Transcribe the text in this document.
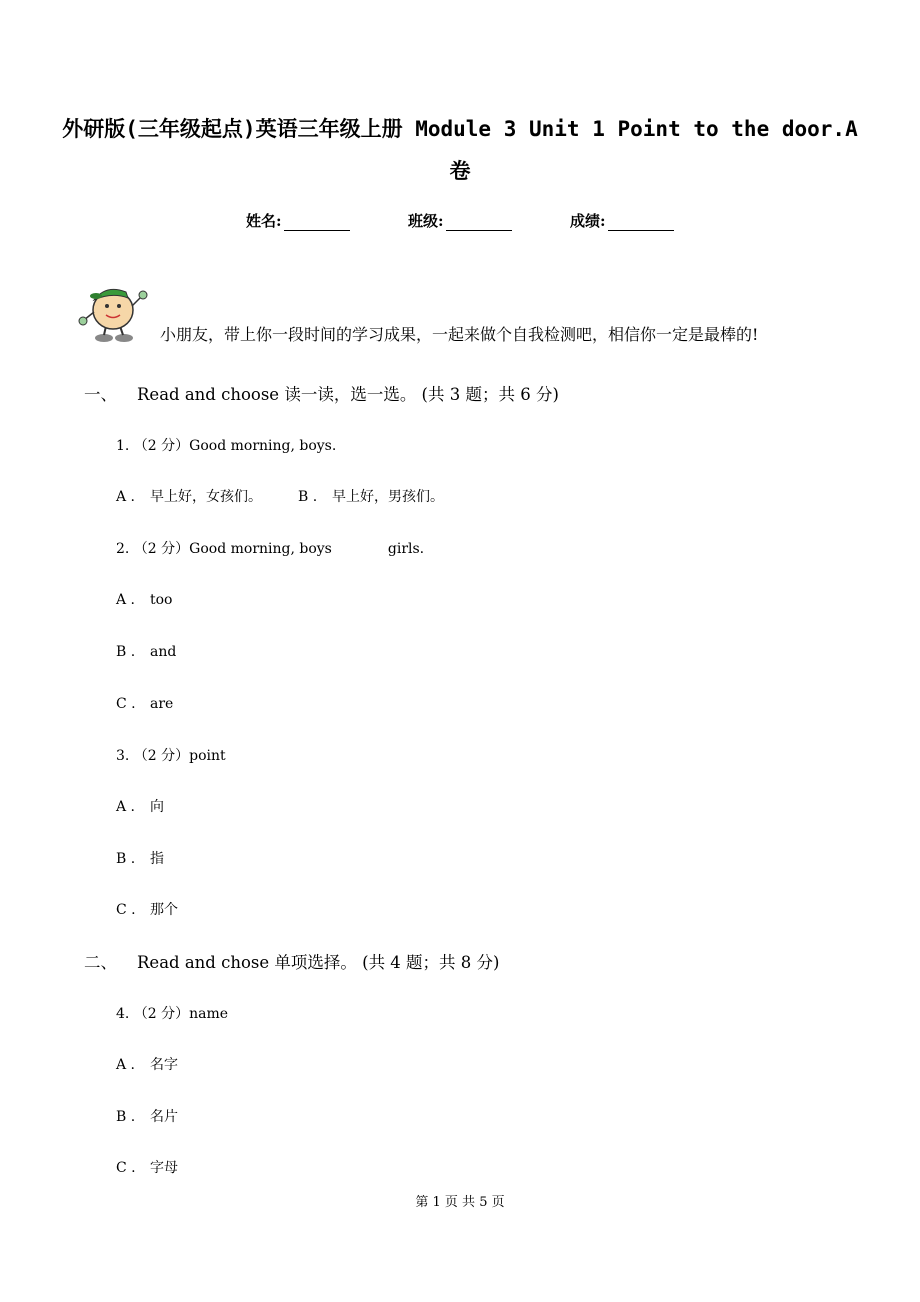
外研版(三年级起点)英语三年级上册 Module 3 Unit 1 Point to the door.A
卷
姓名:	班级:	成绩:
小朋友，带上你一段时间的学习成果，一起来做个自我检测吧，相信你一定是最棒的!
一、 Read and choose 读一读，选一选。 (共 3 题；共 6 分)
1. （2 分）Good morning, boys.
A . 早上好，女孩们。	B . 早上好，男孩们。
2. （2 分）Good morning, boys	girls.
A . too
B . and
C . are
3. （2 分）point
A . 向
B . 指
C . 那个
二、 Read and chose 单项选择。 (共 4 题；共 8 分)
4. （2 分）name
A . 名字
B . 名片
C . 字母
第 1 页 共 5 页
